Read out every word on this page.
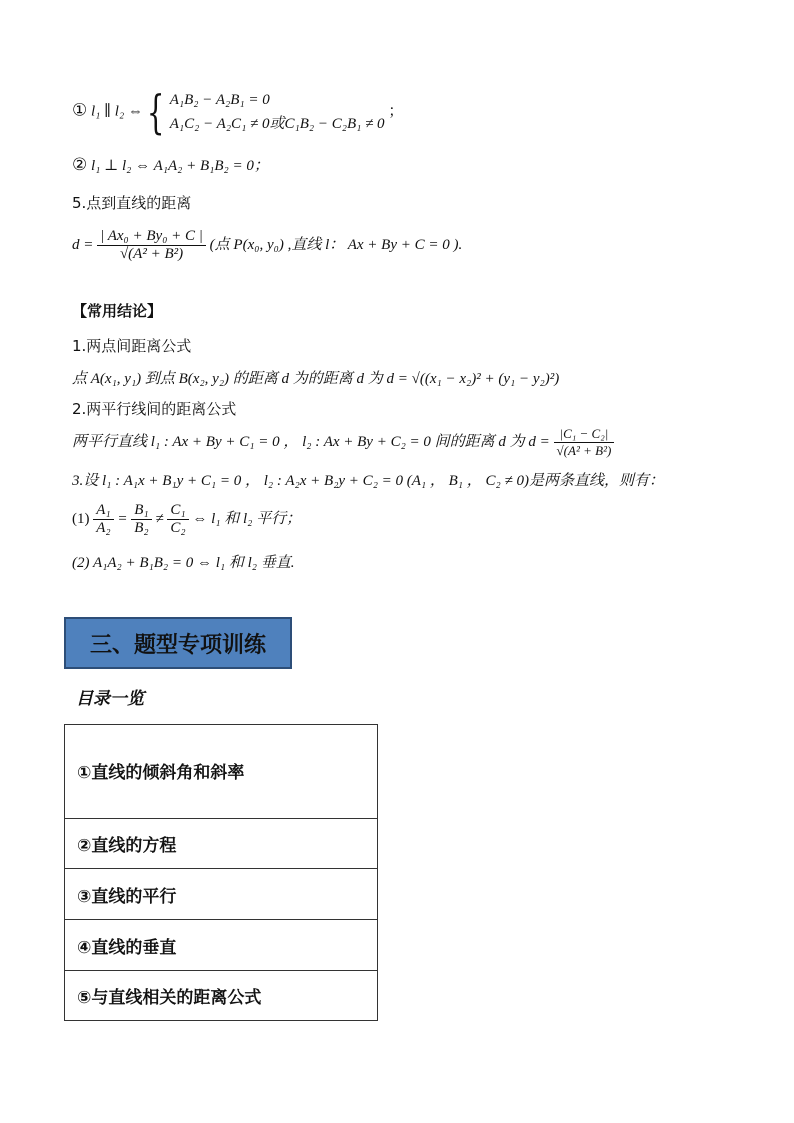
① l₁ ∥ l₂ ⇔ { A₁B₂ − A₂B₁ = 0
A₁C₂ − A₂C₁ ≠ 0或C₁B₂ − C₂B₁ ≠ 0
；
② l₁ ⊥ l₂ ⇔ A₁A₂ + B₁B₂ = 0；
5.点到直线的距离
$d = \frac{\text{| Ax₀ + By₀ + C |}}{\text{√(A² + B²)}}$ (点 P(x₀, y₀) ,直线 l： Ax + By + C = 0 ).
【常用结论】
1.两点间距离公式
点 A(x₁, y₁) 到点 B(x₂, y₂) 的距离 d 为的距离 d 为 d = √((x₁ − x₂)² + (y₁ − y₂)²)
2.两平行线间的距离公式
两平行直线 l₁ : Ax + By + C₁ = 0 ， l₂ : Ax + By + C₂ = 0 间的距离 d 为 $d = \frac{\text{|C₁ − C₂|}}{\text{√(A² + B²)}}$
3.设 l₁ : A₁x + B₁y + C₁ = 0 ， l₂ : A₂x + B₂y + C₂ = 0 (A₁ ， B₁ ， C₂ ≠ 0)是两条直线，则有：
$(1) \frac{\text{A₁}}{\text{A₂}} = \frac{\text{B₁}}{\text{B₂}} \ne \frac{\text{C₁}}{\text{C₂}}$ ⇔ l₁ 和 l₂ 平行；
(2) A₁A₂ + B₁B₂ = 0 ⇔ l₁ 和 l₂ 垂直.
三、题型专项训练
目录一览
①直线的倾斜角和斜率
②直线的方程
③直线的平行
④直线的垂直
⑤与直线相关的距离公式
